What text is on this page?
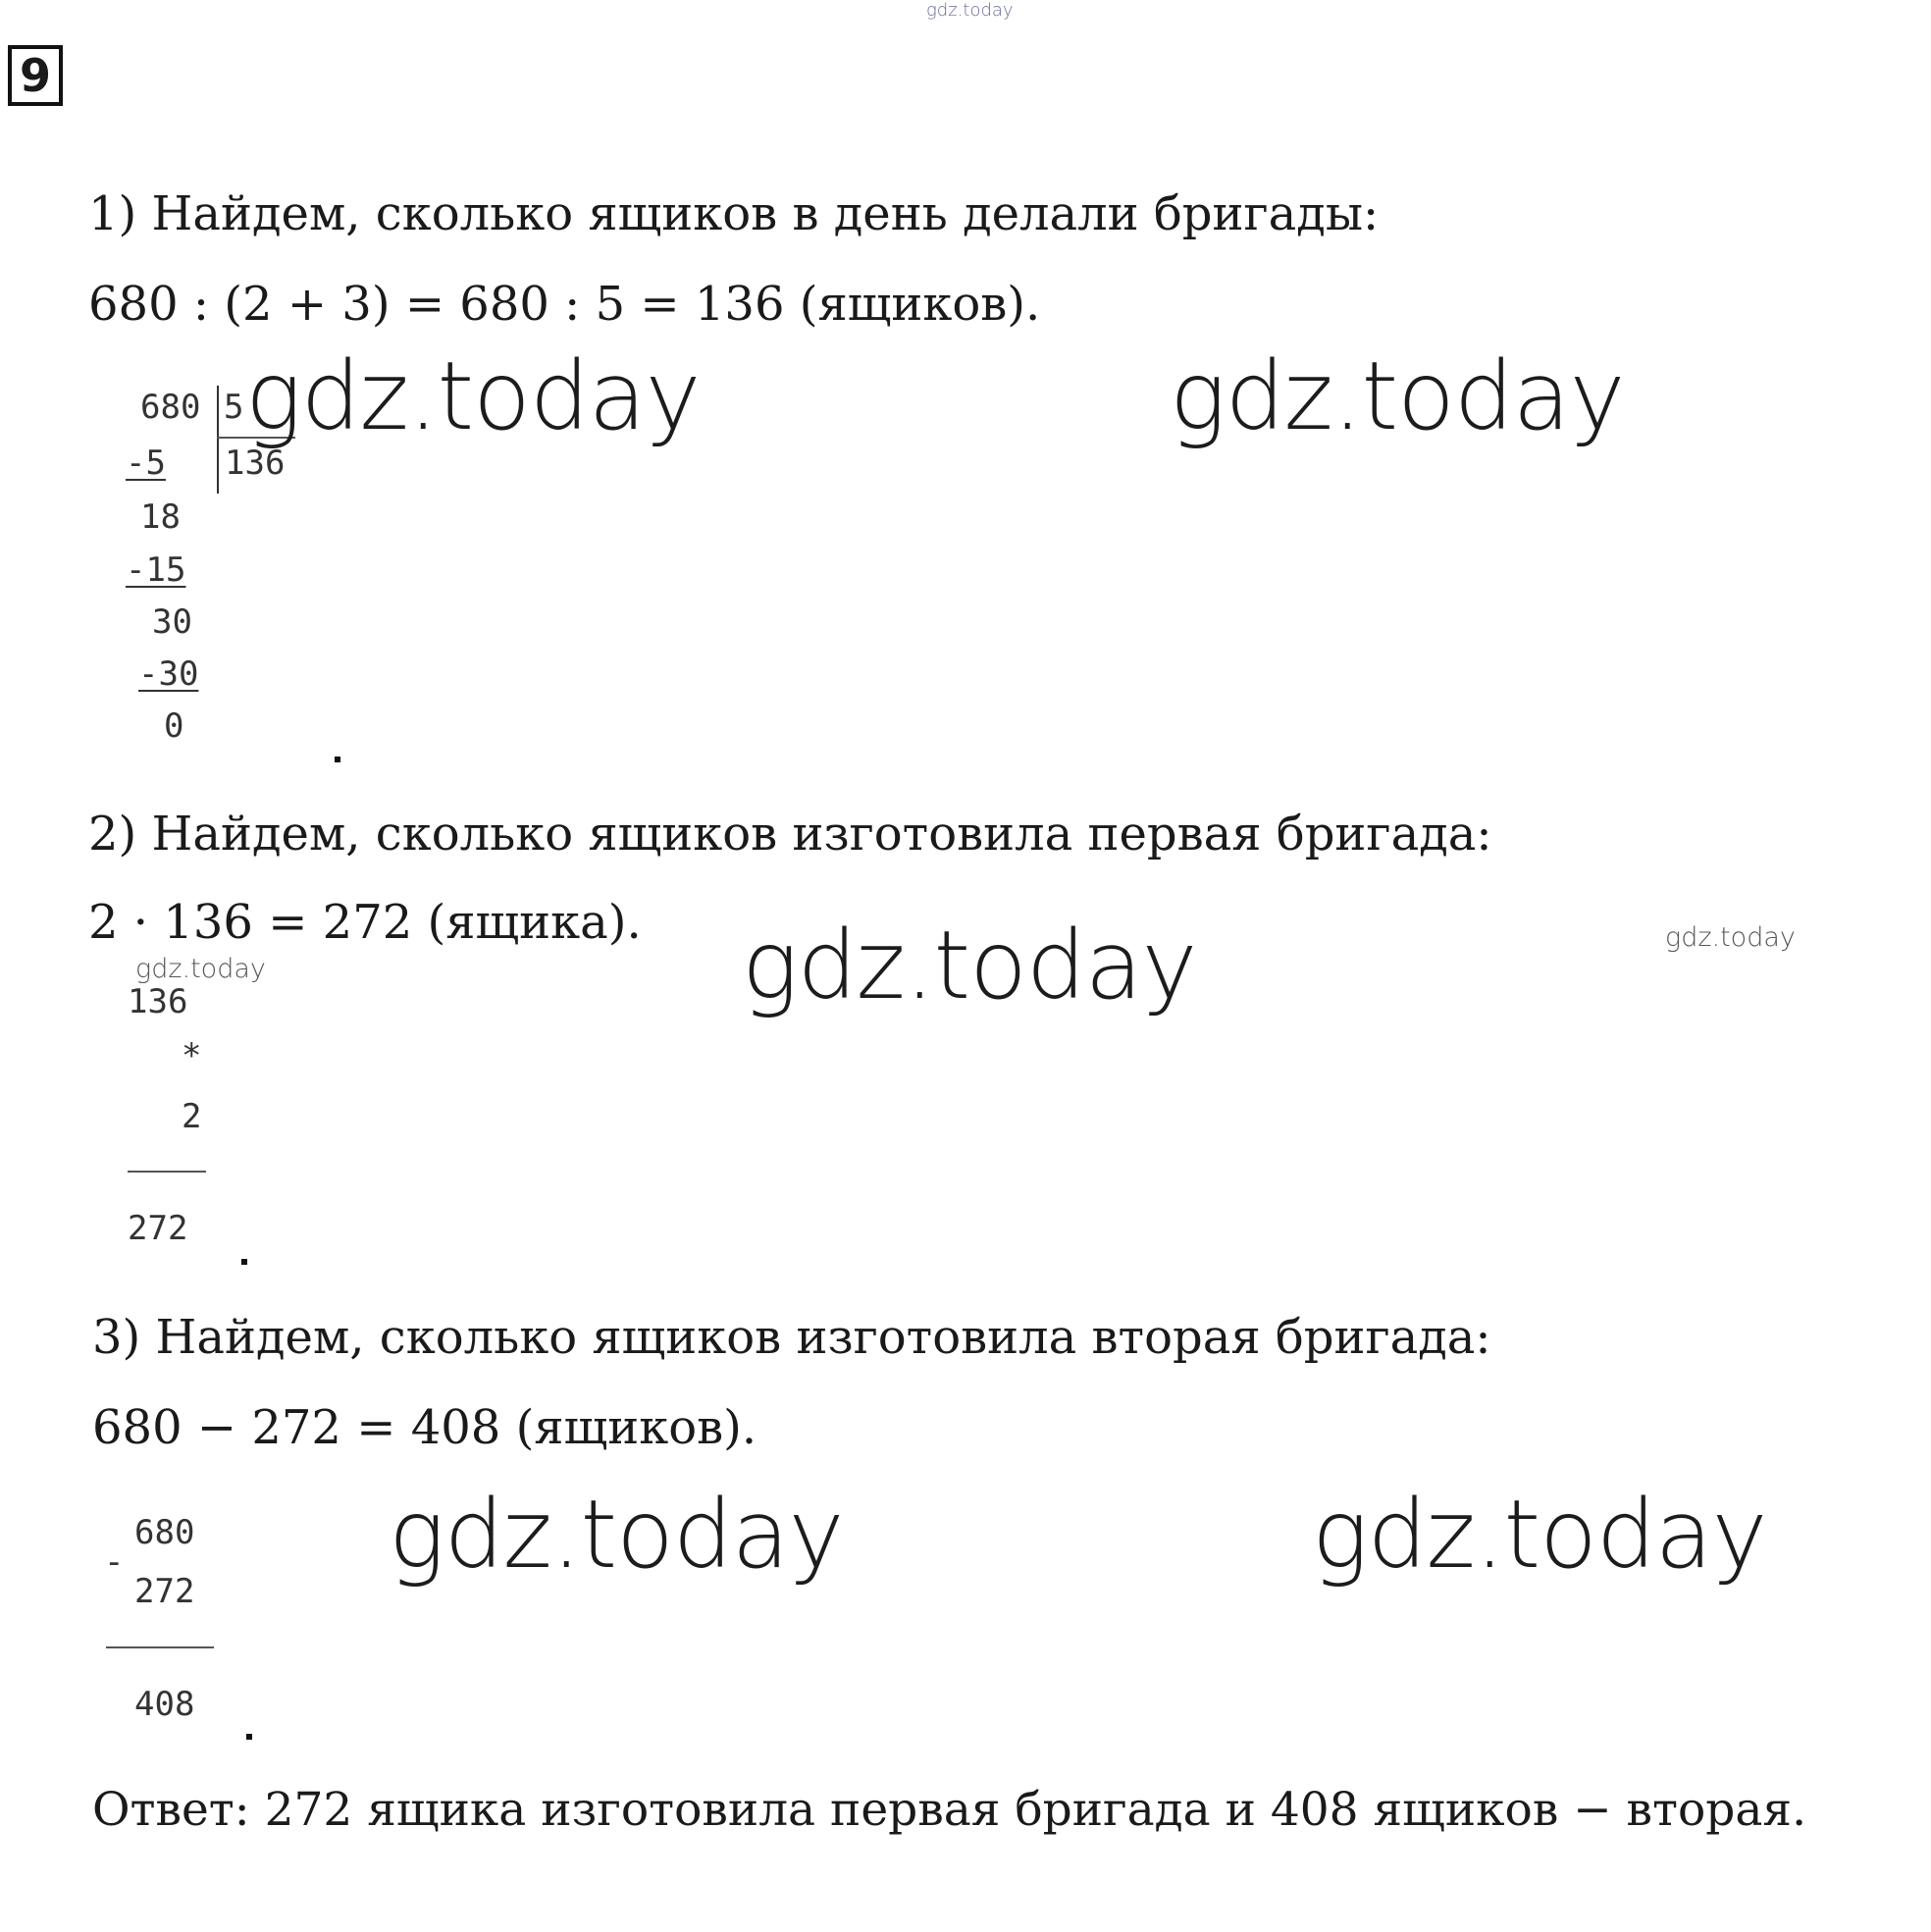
gdz.today
9
1) Найдем, сколько ящиков в день делали бригады:
680 : (2 + 3) = 680 : 5 = 136 (ящиков).
680 5
136
-5
18
-15
30
-30
0
gdz.today	gdz.today
2) Найдем, сколько ящиков изготовила первая бригада:
2 · 136 = 272 (ящика).
gdz.today
gdz.today
gdz.today
136
*
2
272
3) Найдем, сколько ящиков изготовила вторая бригада:
680 − 272 = 408 (ящиков).
-
680
272
408
gdz.today	gdz.today
Ответ: 272 ящика изготовила первая бригада и 408 ящиков − вторая.
